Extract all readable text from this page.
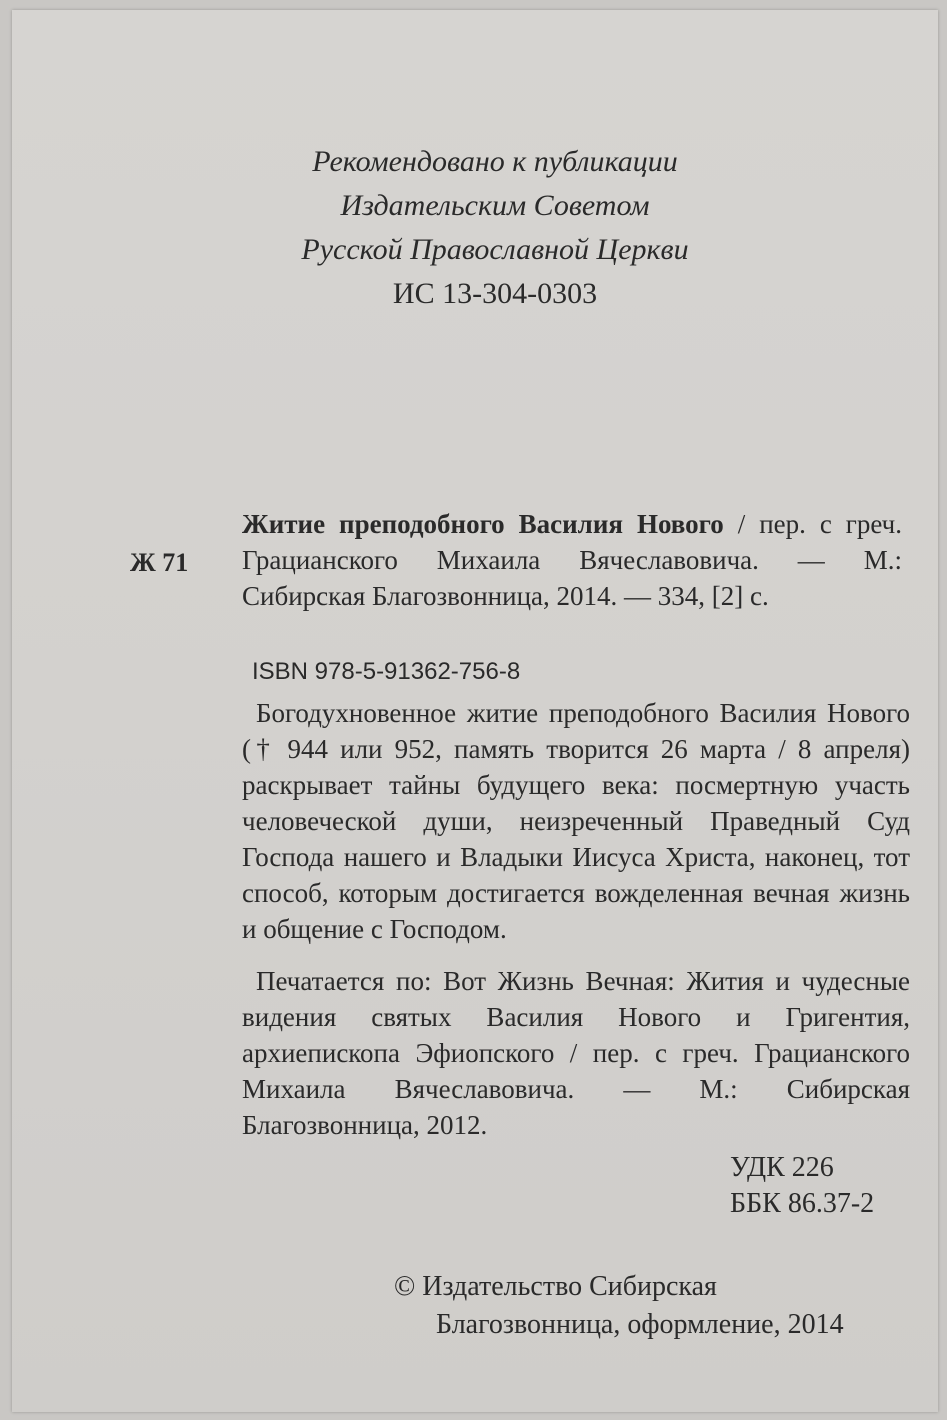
Рекомендовано к публикации
Издательским Советом
Русской Православной Церкви
ИС 13-304-0303
Ж 71
Житие преподобного Василия Нового / пер. с греч. Грацианского Михаила Вячеславовича. — М.: Сибирская Благозвонница, 2014. — 334, [2] с.
ISBN 978-5-91362-756-8
Богодухновенное житие преподобного Василия Нового († 944 или 952, память творится 26 марта / 8 апреля) раскрывает тайны будущего века: посмертную участь человеческой души, неизреченный Праведный Суд Господа нашего и Владыки Иисуса Христа, наконец, тот способ, которым достигается вожделенная вечная жизнь и общение с Господом.
Печатается по: Вот Жизнь Вечная: Жития и чудесные видения святых Василия Нового и Григентия, архиепископа Эфиопского / пер. с греч. Грацианского Михаила Вячеславовича. — М.: Сибирская Благозвонница, 2012.
УДК 226
ББК 86.37-2
© Издательство Сибирская
Благозвонница, оформление, 2014
